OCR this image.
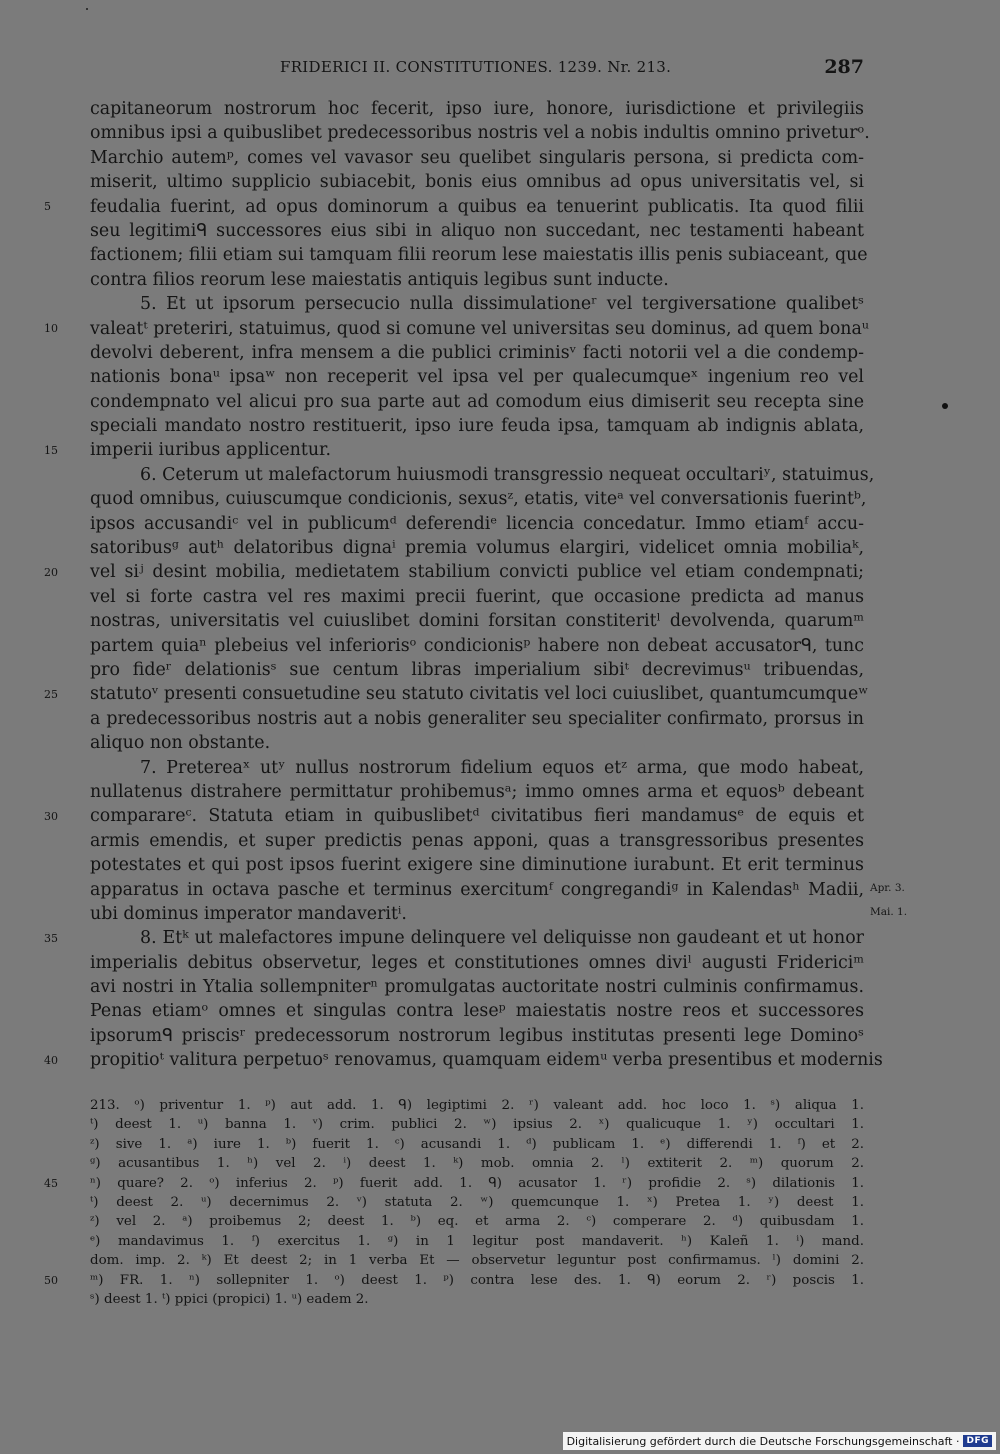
FRIDERICI II. CONSTITUTIONES. 1239. Nr. 213.	287
5
10
15
20
25
30
35
40
capitaneorum nostrorum hoc fecerit, ipso iure, honore, iurisdictione et privilegiis
omnibus ipsi a quibuslibet predecessoribus nostris vel a nobis indultis omnino priveturᵒ.
Marchio autemᵖ, comes vel vavasor seu quelibet singularis persona, si predicta com-
miserit, ultimo supplicio subiacebit, bonis eius omnibus ad opus universitatis vel, si
feudalia fuerint, ad opus dominorum a quibus ea tenuerint publicatis. Ita quod filii
seu legitimiᑫ successores eius sibi in aliquo non succedant, nec testamenti habeant
factionem; filii etiam sui tamquam filii reorum lese maiestatis illis penis subiaceant, que
contra filios reorum lese maiestatis antiquis legibus sunt inducte.
5. Et ut ipsorum persecucio nulla dissimulationeʳ vel tergiversatione qualibetˢ
valeatᵗ preteriri, statuimus, quod si comune vel universitas seu dominus, ad quem bonaᵘ
devolvi deberent, infra mensem a die publici criminisᵛ facti notorii vel a die condemp-
nationis bonaᵘ ipsaʷ non receperit vel ipsa vel per qualecumqueˣ ingenium reo vel
condempnato vel alicui pro sua parte aut ad comodum eius dimiserit seu recepta sine
speciali mandato nostro restituerit, ipso iure feuda ipsa, tamquam ab indignis ablata,
imperii iuribus applicentur.
6. Ceterum ut malefactorum huiusmodi transgressio nequeat occultariʸ, statuimus,
quod omnibus, cuiuscumque condicionis, sexusᶻ, etatis, viteᵃ vel conversationis fuerintᵇ,
ipsos accusandiᶜ vel in publicumᵈ deferendiᵉ licencia concedatur. Immo etiamᶠ accu-
satoribusᵍ autʰ delatoribus dignaⁱ premia volumus elargiri, videlicet omnia mobiliaᵏ,
vel siʲ desint mobilia, medietatem stabilium convicti publice vel etiam condempnati;
vel si forte castra vel res maximi precii fuerint, que occasione predicta ad manus
nostras, universitatis vel cuiuslibet domini forsitan constiteritˡ devolvenda, quarumᵐ
partem quiaⁿ plebeius vel inferiorisᵒ condicionisᵖ habere non debeat accusatorᑫ, tunc
pro fideʳ delationisˢ sue centum libras imperialium sibiᵗ decrevimusᵘ tribuendas,
statutoᵛ presenti consuetudine seu statuto civitatis vel loci cuiuslibet, quantumcumqueʷ
a predecessoribus nostris aut a nobis generaliter seu specialiter confirmato, prorsus in
aliquo non obstante.
7. Pretereaˣ utʸ nullus nostrorum fidelium equos etᶻ arma, que modo habeat,
nullatenus distrahere permittatur prohibemusᵃ; immo omnes arma et equosᵇ debeant
comparareᶜ. Statuta etiam in quibuslibetᵈ civitatibus fieri mandamusᵉ de equis et
armis emendis, et super predictis penas apponi, quas a transgressoribus presentes
potestates et qui post ipsos fuerint exigere sine diminutione iurabunt. Et erit terminus
apparatus in octava pasche et terminus exercitumᶠ congregandiᵍ in Kalendasʰ Madii,
ubi dominus imperator mandaveritⁱ.
8. Etᵏ ut malefactores impune delinquere vel deliquisse non gaudeant et ut honor
imperialis debitus observetur, leges et constitutiones omnes diviˡ augusti Fridericiᵐ
avi nostri in Ytalia sollempniterⁿ promulgatas auctoritate nostri culminis confirmamus.
Penas etiamᵒ omnes et singulas contra leseᵖ maiestatis nostre reos et successores
ipsorumᑫ priscisʳ predecessorum nostrorum legibus institutas presenti lege Dominoˢ
propitioᵗ valitura perpetuoˢ renovamus, quamquam eidemᵘ verba presentibus et modernis
Apr. 3.
Mai. 1.
45
50
213. ᵒ) priventur 1. ᵖ) aut add. 1. ᑫ) legiptimi 2. ʳ) valeant add. hoc loco 1. ˢ) aliqua 1.
ᵗ) deest 1. ᵘ) banna 1. ᵛ) crim. publici 2. ʷ) ipsius 2. ˣ) qualicuque 1. ʸ) occultari 1.
ᶻ) sive 1. ᵃ) iure 1. ᵇ) fuerit 1. ᶜ) acusandi 1. ᵈ) publicam 1. ᵉ) differendi 1. ᶠ) et 2.
ᵍ) acusantibus 1. ʰ) vel 2. ⁱ) deest 1. ᵏ) mob. omnia 2. ˡ) extiterit 2. ᵐ) quorum 2.
ⁿ) quare? 2. ᵒ) inferius 2. ᵖ) fuerit add. 1. ᑫ) acusator 1. ʳ) profidie 2. ˢ) dilationis 1.
ᵗ) deest 2. ᵘ) decernimus 2. ᵛ) statuta 2. ʷ) quemcunque 1. ˣ) Pretea 1. ʸ) deest 1.
ᶻ) vel 2. ᵃ) proibemus 2; deest 1. ᵇ) eq. et arma 2. ᶜ) comperare 2. ᵈ) quibusdam 1.
ᵉ) mandavimus 1. ᶠ) exercitus 1. ᵍ) in 1 legitur post mandaverit. ʰ) Kaleñ 1. ⁱ) mand.
dom. imp. 2. ᵏ) Et deest 2; in 1 verba Et — observetur leguntur post confirmamus. ˡ) domini 2.
ᵐ) FR. 1. ⁿ) sollepniter 1. ᵒ) deest 1. ᵖ) contra lese des. 1. ᑫ) eorum 2. ʳ) poscis 1.
ˢ) deest 1. ᵗ) ppici (propici) 1. ᵘ) eadem 2.
Digitalisierung gefördert durch die Deutsche Forschungsgemeinschaft · DFG
